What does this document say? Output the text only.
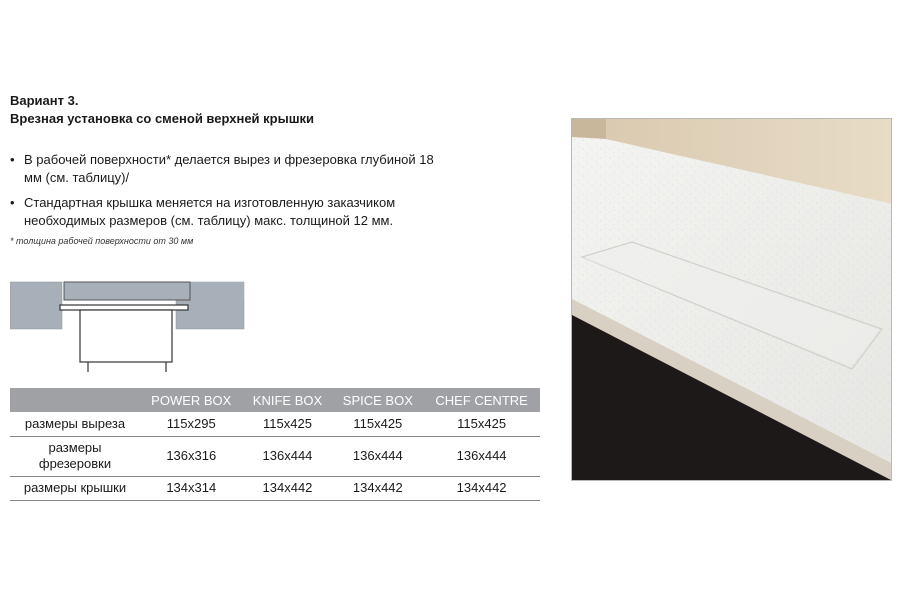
Вариант 3.
Врезная установка со сменой верхней крышки
• В рабочей поверхности* делается вырез и фрезеровка глубиной 18
мм (см. таблицу)/
• Стандартная крышка меняется на изготовленную заказчиком
необходимых размеров (см. таблицу) макс. толщиной 12 мм.
* толщина рабочей поверхности от 30 мм
	POWER BOX	KNIFE BOX	SPICE BOX	CHEF CENTRE
размеры выреза	115x295	115x425	115x425	115x425

размеры
фрезеровки	136x316	136x444	136x444	136x444
размеры крышки	134x314	134x442	134x442	134x442
